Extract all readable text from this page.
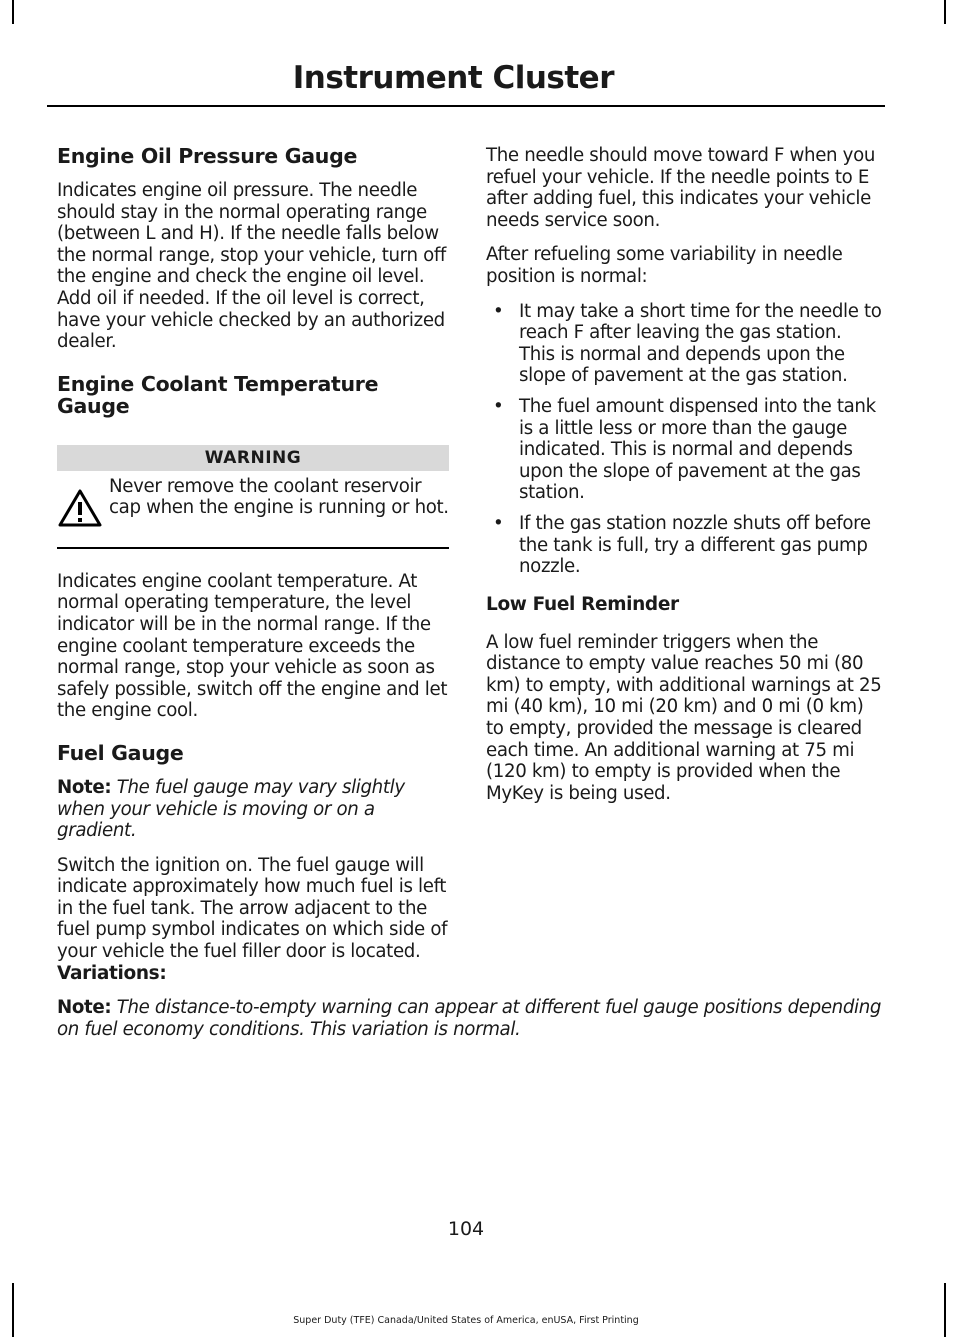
Instrument Cluster
Engine Oil Pressure Gauge

Indicates engine oil pressure. The needle should stay in the normal operating range (between L and H). If the needle falls below the normal range, stop your vehicle, turn off the engine and check the engine oil level. Add oil if needed. If the oil level is correct, have your vehicle checked by an authorized dealer.

Engine Coolant Temperature Gauge
WARNING
Never remove the coolant reservoir cap when the engine is running or hot.

Indicates engine coolant temperature. At normal operating temperature, the level indicator will be in the normal range. If the engine coolant temperature exceeds the normal range, stop your vehicle as soon as safely possible, switch off the engine and let the engine cool.

Fuel Gauge

Note: The fuel gauge may vary slightly when your vehicle is moving or on a gradient.

Switch the ignition on. The fuel gauge will indicate approximately how much fuel is left in the fuel tank. The arrow adjacent to the fuel pump symbol indicates on which side of your vehicle the fuel filler door is located.

The needle should move toward F when you refuel your vehicle. If the needle points to E after adding fuel, this indicates your vehicle needs service soon.

After refueling some variability in needle position is normal:

• It may take a short time for the needle to reach F after leaving the gas station. This is normal and depends upon the slope of pavement at the gas station.
• The fuel amount dispensed into the tank is a little less or more than the gauge indicated. This is normal and depends upon the slope of pavement at the gas station.
• If the gas station nozzle shuts off before the tank is full, try a different gas pump nozzle.
Low Fuel Reminder

A low fuel reminder triggers when the distance to empty value reaches 50 mi (80 km) to empty, with additional warnings at 25 mi (40 km), 10 mi (20 km) and 0 mi (0 km) to empty, provided the message is cleared each time. An additional warning at 75 mi (120 km) to empty is provided when the MyKey is being used.

Variations:

Note: The distance-to-empty warning can appear at different fuel gauge positions depending on fuel economy conditions. This variation is normal.

104
Super Duty (TFE) Canada/United States of America, enUSA, First Printing
